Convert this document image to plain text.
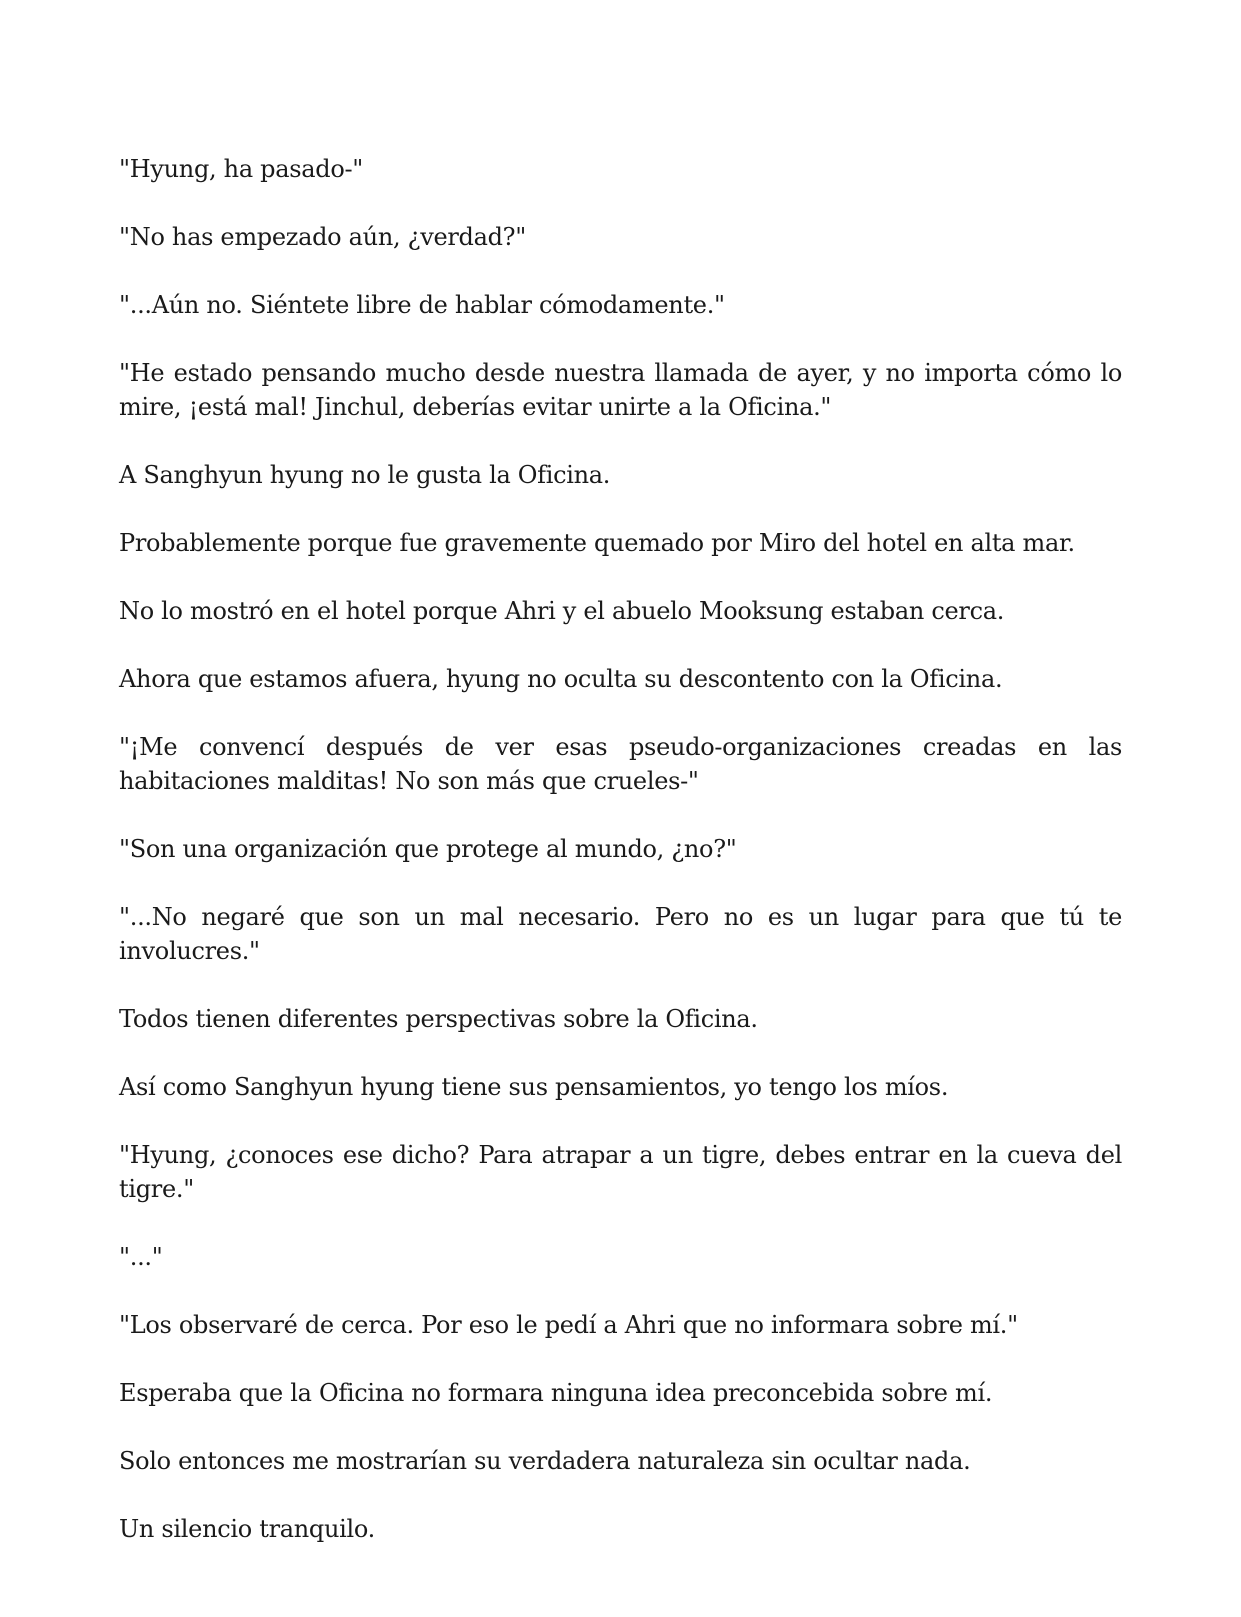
"Hyung, ha pasado-"

"No has empezado aún, ¿verdad?"

"...Aún no. Siéntete libre de hablar cómodamente."

"He estado pensando mucho desde nuestra llamada de ayer, y no importa cómo lo mire, ¡está mal! Jinchul, deberías evitar unirte a la Oficina."

A Sanghyun hyung no le gusta la Oficina.

Probablemente porque fue gravemente quemado por Miro del hotel en alta mar.

No lo mostró en el hotel porque Ahri y el abuelo Mooksung estaban cerca.

Ahora que estamos afuera, hyung no oculta su descontento con la Oficina.

"¡Me convencí después de ver esas pseudo-organizaciones creadas en las habitaciones malditas! No son más que crueles-"

"Son una organización que protege al mundo, ¿no?"

"...No negaré que son un mal necesario. Pero no es un lugar para que tú te involucres."

Todos tienen diferentes perspectivas sobre la Oficina.

Así como Sanghyun hyung tiene sus pensamientos, yo tengo los míos.

"Hyung, ¿conoces ese dicho? Para atrapar a un tigre, debes entrar en la cueva del tigre."

"..."

"Los observaré de cerca. Por eso le pedí a Ahri que no informara sobre mí."

Esperaba que la Oficina no formara ninguna idea preconcebida sobre mí.

Solo entonces me mostrarían su verdadera naturaleza sin ocultar nada.

Un silencio tranquilo.
